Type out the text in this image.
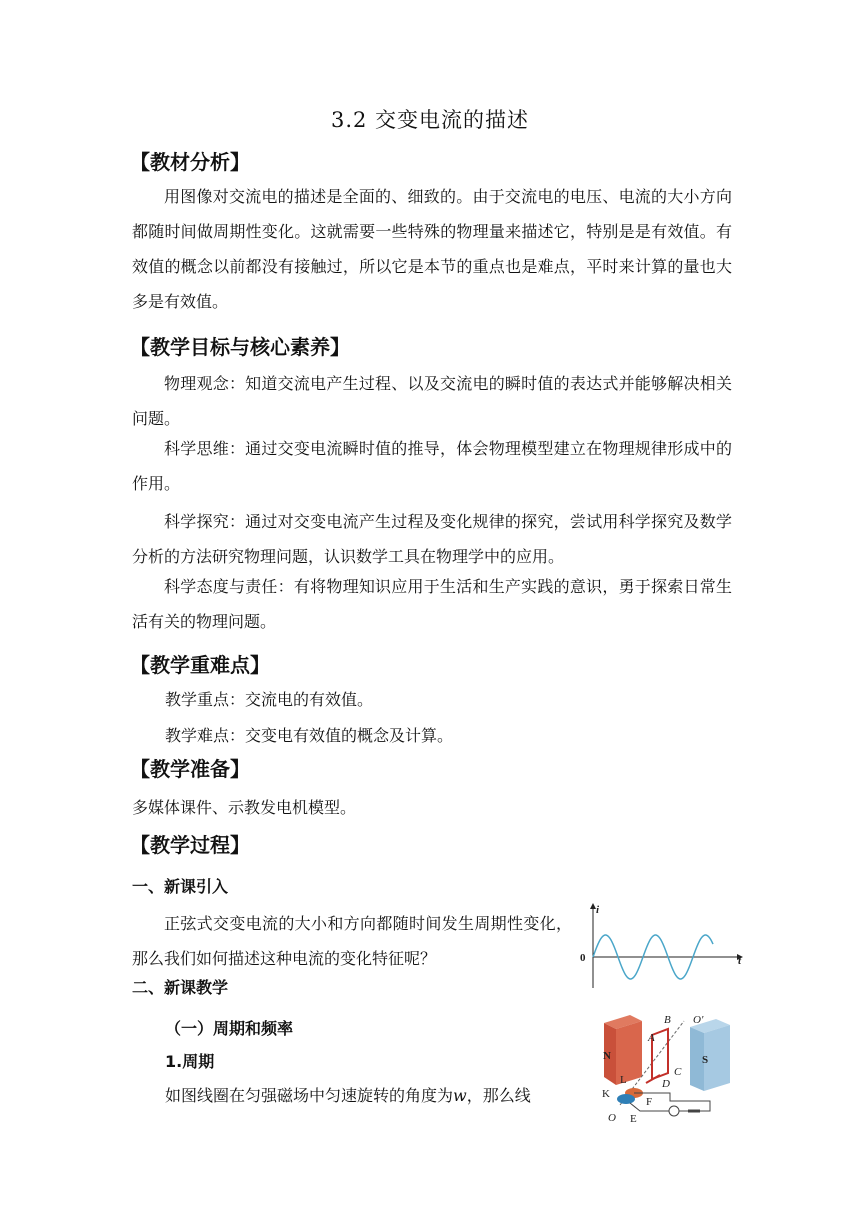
3.2 交变电流的描述
【教材分析】
用图像对交流电的描述是全面的、细致的。由于交流电的电压、电流的大小方向都随时间做周期性变化。这就需要一些特殊的物理量来描述它，特别是是有效值。有效值的概念以前都没有接触过，所以它是本节的重点也是难点，平时来计算的量也大多是有效值。
【教学目标与核心素养】
物理观念：知道交流电产生过程、以及交流电的瞬时值的表达式并能够解决相关问题。
科学思维：通过交变电流瞬时值的推导，体会物理模型建立在物理规律形成中的作用。
科学探究：通过对交变电流产生过程及变化规律的探究，尝试用科学探究及数学分析的方法研究物理问题，认识数学工具在物理学中的应用。
科学态度与责任：有将物理知识应用于生活和生产实践的意识，勇于探索日常生活有关的物理问题。
【教学重难点】
教学重点：交流电的有效值。
教学难点：交变电有效值的概念及计算。
【教学准备】
多媒体课件、示教发电机模型。
【教学过程】
一、新课引入
正弦式交变电流的大小和方向都随时间发生周期性变化，那么我们如何描述这种电流的变化特征呢？
二、新课教学
（一）周期和频率
1.周期
如图线圈在匀强磁场中匀速旋转的角度为w，那么线
i
t
0
N	S
A
B
C
D
O'
O
K
L
E
F
